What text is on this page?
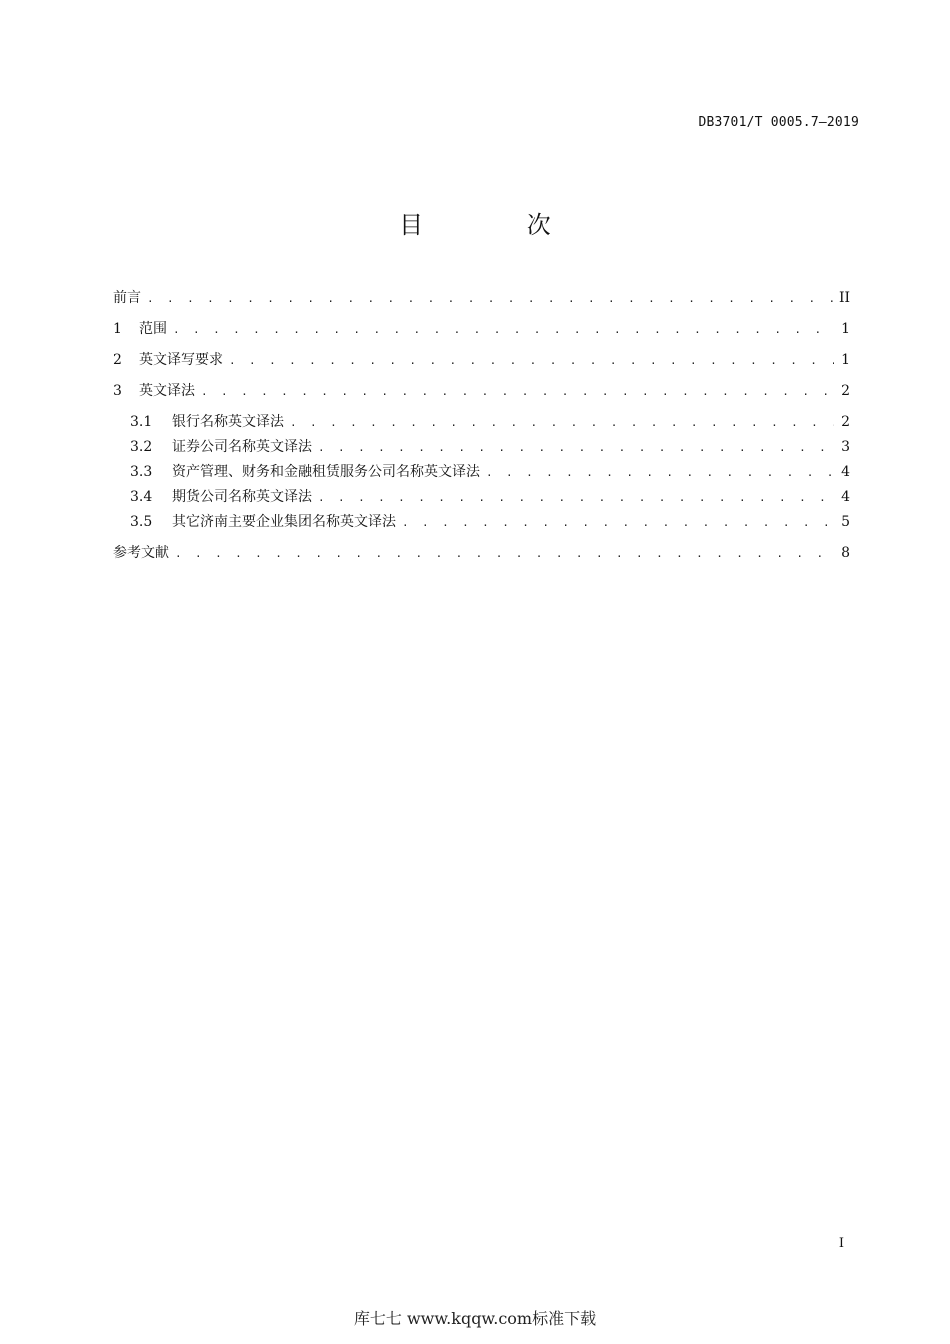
DB3701/T 0005.7—2019
目 次
前言 . . .	II
1	范围 . . .	1
2	英文译写要求 . . .	1
3	英文译法 . . .	2
3.1	银行名称英文译法 . . .	2
3.2	证券公司名称英文译法 . . .	3
3.3	资产管理、财务和金融租赁服务公司名称英文译法 . . .	4
3.4	期货公司名称英文译法 . . .	4
3.5	其它济南主要企业集团名称英文译法 . . .	5
参考文献 . . .	8
I
库七七 www.kqqw.com标准下载
